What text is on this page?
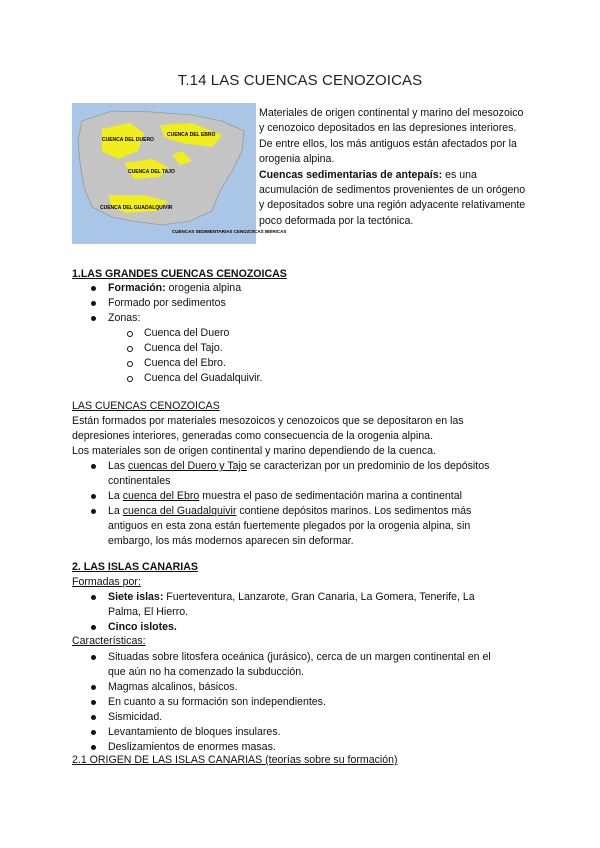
T.14 LAS CUENCAS CENOZOICAS
CUENCA DEL DUERO
CUENCA DEL EBRO
CUENCA DEL TAJO
CUENCA DEL GUADALQUIVIR
CUENCAS SEDIMENTARIAS CENOZOICAS IBÉRICAS
Materiales de origen continental y marino del mesozoico y cenozoico depositados en las depresiones interiores. De entre ellos, los más antiguos están afectados por la orogenia alpina.
Cuencas sedimentarias de antepaís: es una acumulación de sedimentos provenientes de un orógeno y depositados sobre una región adyacente relativamente poco deformada por la tectónica.
1.LAS GRANDES CUENCAS CENOZOICAS
Formación: orogenia alpina
Formado por sedimentos
Zonas:
Cuenca del Duero
Cuenca del Tajo.
Cuenca del Ebro.
Cuenca del Guadalquivir.
LAS CUENCAS CENOZOICAS
Están formados por materiales mesozoicos y cenozoicos que se depositaron en las
depresiones interiores, generadas como consecuencia de la orogenia alpina.
Los materiales son de origen continental y marino dependiendo de la cuenca.
Las cuencas del Duero y Tajo se caracterizan por un predominio de los depósitos
continentales
La cuenca del Ebro muestra el paso de sedimentación marina a continental
La cuenca del Guadalquivir contiene depósitos marinos. Los sedimentos más
antiguos en esta zona están fuertemente plegados por la orogenia alpina, sin
embargo, los más modernos aparecen sin deformar.
2. LAS ISLAS CANARIAS
Formadas por:
Siete islas: Fuerteventura, Lanzarote, Gran Canaria, La Gomera, Tenerife, La
Palma, El Hierro.
Cinco islotes.
Características:
Situadas sobre litosfera oceánica (jurásico), cerca de un margen continental en el
que aún no ha comenzado la subducción.
Magmas alcalinos, básicos.
En cuanto a su formación son independientes.
Sismicidad.
Levantamiento de bloques insulares.
Deslizamientos de enormes masas.
2.1 ORIGEN DE LAS ISLAS CANARIAS (teorías sobre su formación)
